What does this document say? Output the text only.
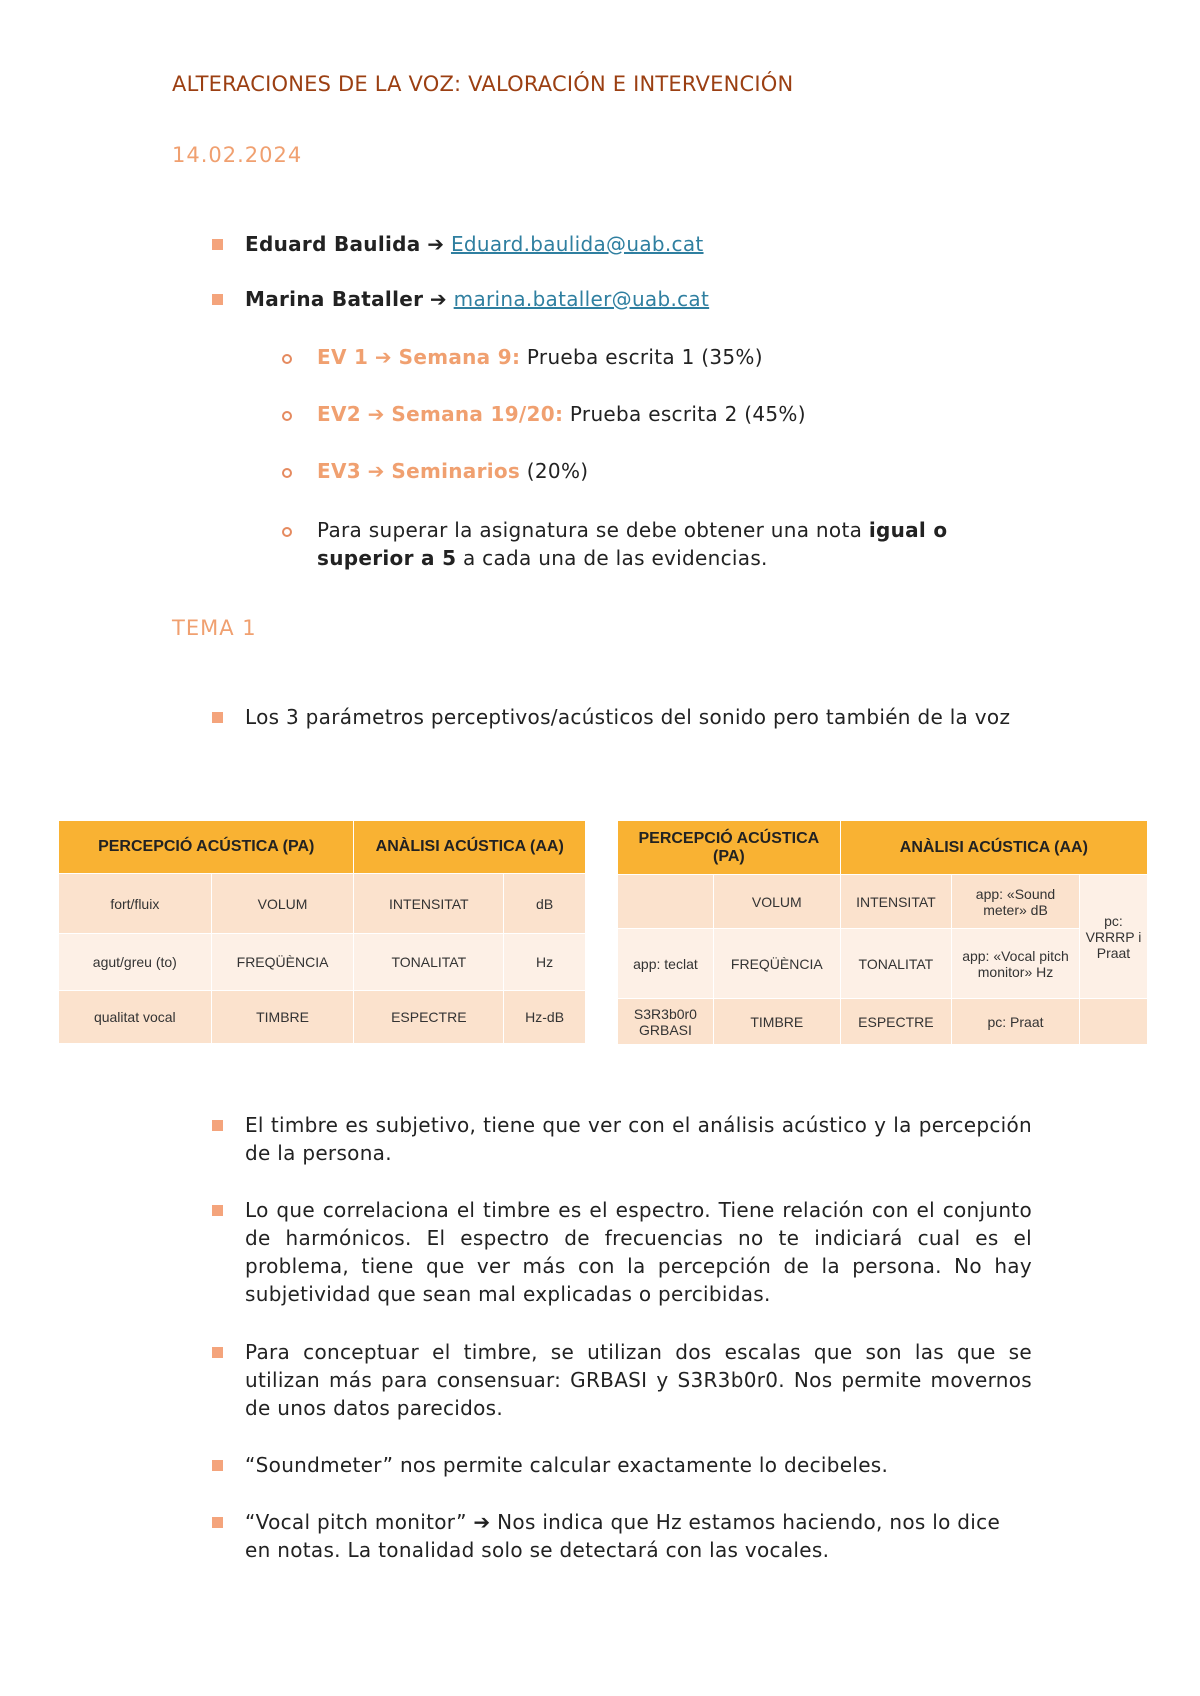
ALTERACIONES DE LA VOZ: VALORACIÓN E INTERVENCIÓN
14.02.2024
Eduard Baulida ➔ Eduard.baulida@uab.cat
Marina Bataller ➔ marina.bataller@uab.cat
EV 1 ➔ Semana 9: Prueba escrita 1 (35%)
EV2 ➔ Semana 19/20: Prueba escrita 2 (45%)
EV3 ➔ Seminarios (20%)
Para superar la asignatura se debe obtener una nota igual o
superior a 5 a cada una de las evidencias.
TEMA 1
Los 3 parámetros perceptivos/acústicos del sonido pero también de la voz
PERCEPCIÓ ACÚSTICA (PA)		ANÀLISI ACÚSTICA (AA)	
fort/fluix	VOLUM	INTENSITAT	dB
agut/greu (to)	FREQÜÈNCIA	TONALITAT	Hz
qualitat vocal	TIMBRE	ESPECTRE	Hz-dB
PERCEPCIÓ ACÚSTICA (PA)		ANÀLISI ACÚSTICA (AA)		
	VOLUM	INTENSITAT	app: «Sound meter» dB	pc: VRRRP i Praat
app: teclat	FREQÜÈNCIA	TONALITAT	app: «Vocal pitch monitor» Hz	
S3R3b0r0 GRBASI	TIMBRE	ESPECTRE	pc: Praat	
El timbre es subjetivo, tiene que ver con el análisis acústico y la percepción de la persona.
Lo que correlaciona el timbre es el espectro. Tiene relación con el conjunto de harmónicos. El espectro de frecuencias no te indiciará cual es el problema, tiene que ver más con la percepción de la persona. No hay subjetividad que sean mal explicadas o percibidas.
Para conceptuar el timbre, se utilizan dos escalas que son las que se utilizan más para consensuar: GRBASI y S3R3b0r0. Nos permite movernos de unos datos parecidos.
“Soundmeter” nos permite calcular exactamente lo decibeles.
“Vocal pitch monitor” ➔ Nos indica que Hz estamos haciendo, nos lo dice en notas. La tonalidad solo se detectará con las vocales.
